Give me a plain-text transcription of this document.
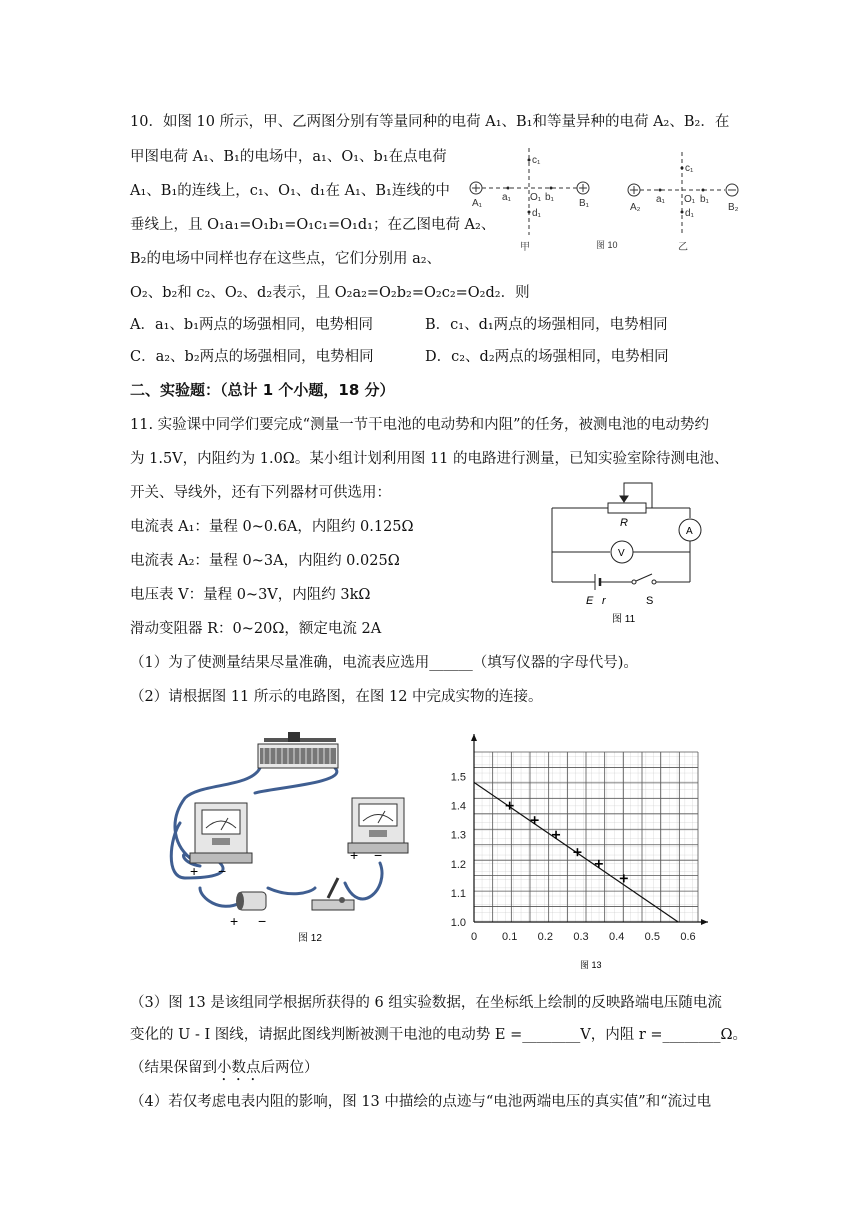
10．如图 10 所示，甲、乙两图分别有等量同种的电荷 A₁、B₁和等量异种的电荷 A₂、B₂．在
甲图电荷 A₁、B₁的电场中，a₁、O₁、b₁在点电荷
A₁、B₁的连线上，c₁、O₁、d₁在 A₁、B₁连线的中
垂线上，且 O₁a₁=O₁b₁=O₁c₁=O₁d₁；在乙图电荷 A₂、
B₂的电场中同样也存在这些点，它们分别用 a₂、
O₂、b₂和 c₂、O₂、d₂表示，且 O₂a₂=O₂b₂=O₂c₂=O₂d₂．则
A．a₁、b₁两点的场强相同，电势相同	B．c₁、d₁两点的场强相同，电势相同
C．a₂、b₂两点的场强相同，电势相同	D．c₂、d₂两点的场强相同，电势相同
c₁
d₁
a₁	b₁
O₁
A₁	B₁
甲	图 10
c₁
d₁
a₁	b₁
O₁
A₂	B₂
乙
二、实验题：（总计 1 个小题，18 分）
11. 实验课中同学们要完成“测量一节干电池的电动势和内阻”的任务，被测电池的电动势约
为 1.5V，内阻约为 1.0Ω。某小组计划利用图 11 的电路进行测量，已知实验室除待测电池、
开关、导线外，还有下列器材可供选用：
电流表 A₁：量程 0~0.6A，内阻约 0.125Ω
电流表 A₂：量程 0~3A，内阻约 0.025Ω
电压表 V：量程 0~3V，内阻约 3kΩ
滑动变阻器 R：0~20Ω，额定电流 2A
（1）为了使测量结果尽量准确，电流表应选用______（填写仪器的字母代号)。
（2）请根据图 11 所示的电路图，在图 12 中完成实物的连接。
R
A
V
E r	S
图 11
+ −
+ −
+ −
图 12	0 0.1 0.2 0.3 0.4 0.5 0.6
1.0
1.1
1.2
1.3
1.4
1.5
图 13
（3）图 13 是该组同学根据所获得的 6 组实验数据，在坐标纸上绘制的反映路端电压随电流
变化的 U - I 图线，请据此图线判断被测干电池的电动势 E =________V，内阻 r =________Ω。
（结果保留到小数点后两位）
（4）若仅考虑电表内阻的影响，图 13 中描绘的点迹与“电池两端电压的真实值”和“流过电
